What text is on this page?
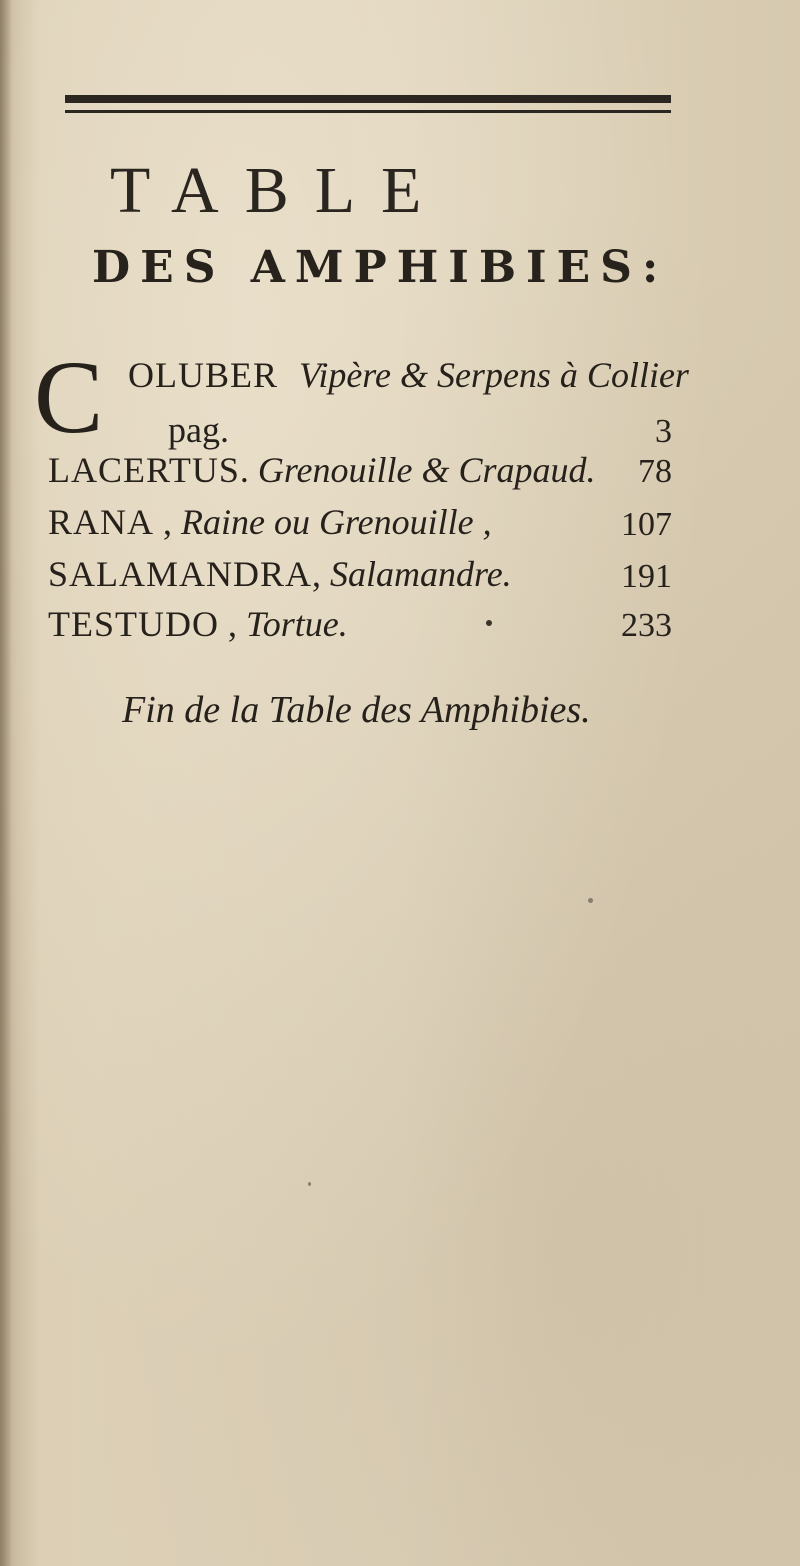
TABLE
DES AMPHIBIES:
C OLUBER Vipère & Serpens à Collier
pag.	3
LACERTUS. Grenouille & Crapaud.	78
RANA , Raine ou Grenouille ,	107
SALAMANDRA, Salamandre.	191
TESTUDO , Tortue.	233
Fin de la Table des Amphibies.
